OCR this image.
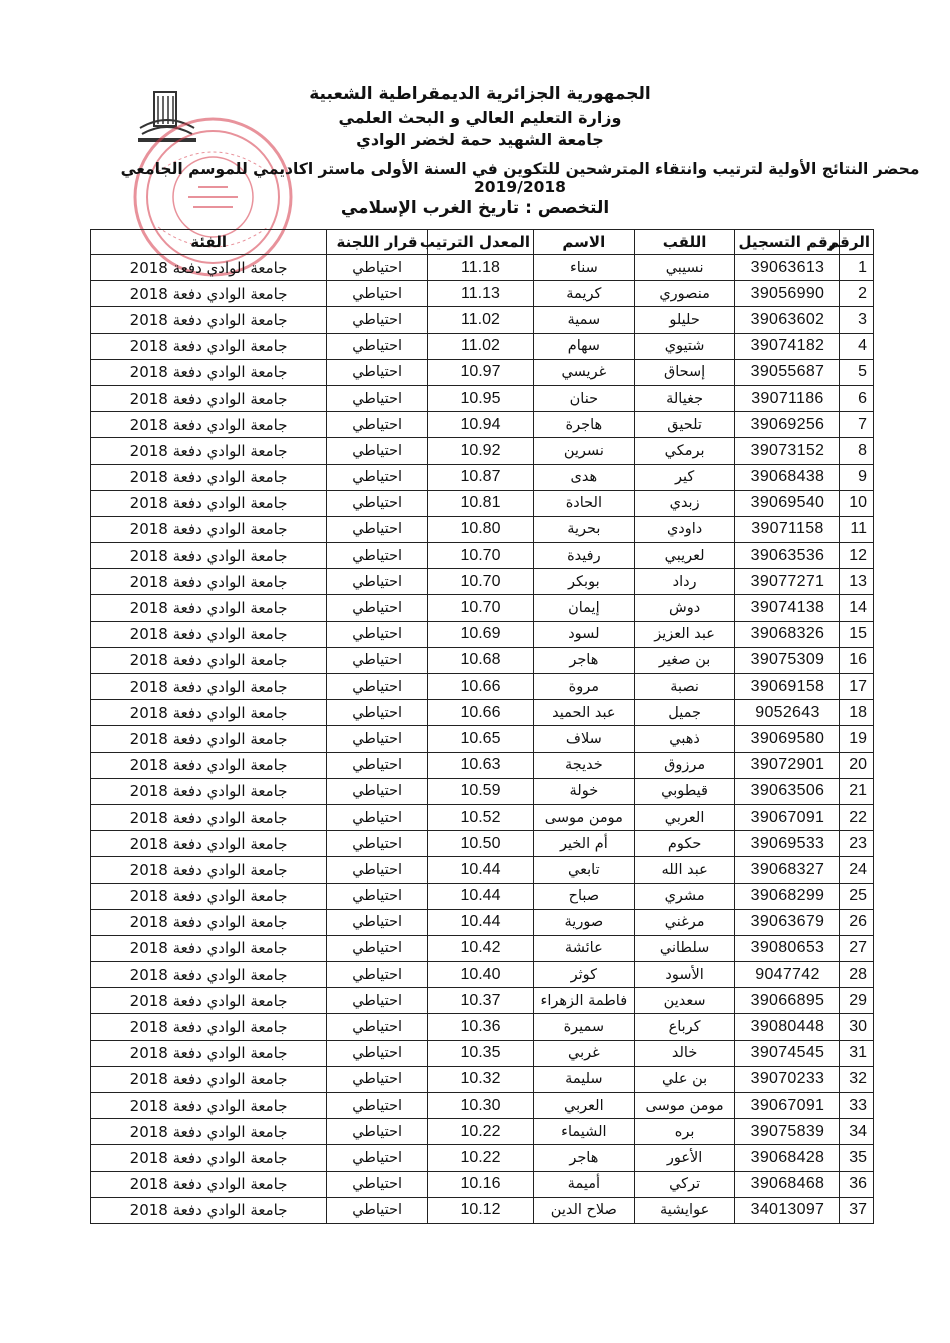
الجمهورية الجزائرية الديمقراطية الشعبية
وزارة التعليم العالي و البحث العلمي
جامعة الشهيد حمة لخضر الوادي
محضر النتائج الأولية لترتيب وانتقاء المترشحين للتكوين في السنة الأولى ماستر اكاديمي للموسم الجامعي 2019/2018
التخصص : تاريخ الغرب الإسلامي
الرقم	رقم التسجيل	اللقب	الاسم	المعدل الترتيب	قرار اللجنة	الفئة
1	39063613	نسيبي	سناء	11.18	احتياطي	جامعة الوادي دفعة 2018
2	39056990	منصوري	كريمة	11.13	احتياطي	جامعة الوادي دفعة 2018
3	39063602	حليلو	سمية	11.02	احتياطي	جامعة الوادي دفعة 2018
4	39074182	شتيوي	سهام	11.02	احتياطي	جامعة الوادي دفعة 2018
5	39055687	إسحاق	غريسي	10.97	احتياطي	جامعة الوادي دفعة 2018
6	39071186	جغيالة	حنان	10.95	احتياطي	جامعة الوادي دفعة 2018
7	39069256	تلحيق	هاجرة	10.94	احتياطي	جامعة الوادي دفعة 2018
8	39073152	برمكي	نسرين	10.92	احتياطي	جامعة الوادي دفعة 2018
9	39068438	كير	هدى	10.87	احتياطي	جامعة الوادي دفعة 2018
10	39069540	زبدي	الحادة	10.81	احتياطي	جامعة الوادي دفعة 2018
11	39071158	داودي	بحرية	10.80	احتياطي	جامعة الوادي دفعة 2018
12	39063536	لعريبي	رفيدة	10.70	احتياطي	جامعة الوادي دفعة 2018
13	39077271	رداد	بوبكر	10.70	احتياطي	جامعة الوادي دفعة 2018
14	39074138	دوش	إيمان	10.70	احتياطي	جامعة الوادي دفعة 2018
15	39068326	عبد العزيز	لسود	10.69	احتياطي	جامعة الوادي دفعة 2018
16	39075309	بن صغير	هاجر	10.68	احتياطي	جامعة الوادي دفعة 2018
17	39069158	نصبة	مروة	10.66	احتياطي	جامعة الوادي دفعة 2018
18	9052643	جميل	عبد الحميد	10.66	احتياطي	جامعة الوادي دفعة 2018
19	39069580	ذهبي	سلاف	10.65	احتياطي	جامعة الوادي دفعة 2018
20	39072901	مرزوق	خديجة	10.63	احتياطي	جامعة الوادي دفعة 2018
21	39063506	قيطوبي	خولة	10.59	احتياطي	جامعة الوادي دفعة 2018
22	39067091	العربي	مومن موسى	10.52	احتياطي	جامعة الوادي دفعة 2018
23	39069533	حكوم	أم الخير	10.50	احتياطي	جامعة الوادي دفعة 2018
24	39068327	عبد الله	تابعي	10.44	احتياطي	جامعة الوادي دفعة 2018
25	39068299	مشري	صباح	10.44	احتياطي	جامعة الوادي دفعة 2018
26	39063679	مرغني	صورية	10.44	احتياطي	جامعة الوادي دفعة 2018
27	39080653	سلطاني	عائشة	10.42	احتياطي	جامعة الوادي دفعة 2018
28	9047742	الأسود	كوثر	10.40	احتياطي	جامعة الوادي دفعة 2018
29	39066895	سعدين	فاطمة الزهراء	10.37	احتياطي	جامعة الوادي دفعة 2018
30	39080448	كرباع	سميرة	10.36	احتياطي	جامعة الوادي دفعة 2018
31	39074545	خالد	غربي	10.35	احتياطي	جامعة الوادي دفعة 2018
32	39070233	بن علي	سليمة	10.32	احتياطي	جامعة الوادي دفعة 2018
33	39067091	مومن موسى	العربي	10.30	احتياطي	جامعة الوادي دفعة 2018
34	39075839	بره	الشيماء	10.22	احتياطي	جامعة الوادي دفعة 2018
35	39068428	الأعور	هاجر	10.22	احتياطي	جامعة الوادي دفعة 2018
36	39068468	تركي	أميمة	10.16	احتياطي	جامعة الوادي دفعة 2018
37	34013097	عوايشية	صلاح الدين	10.12	احتياطي	جامعة الوادي دفعة 2018
